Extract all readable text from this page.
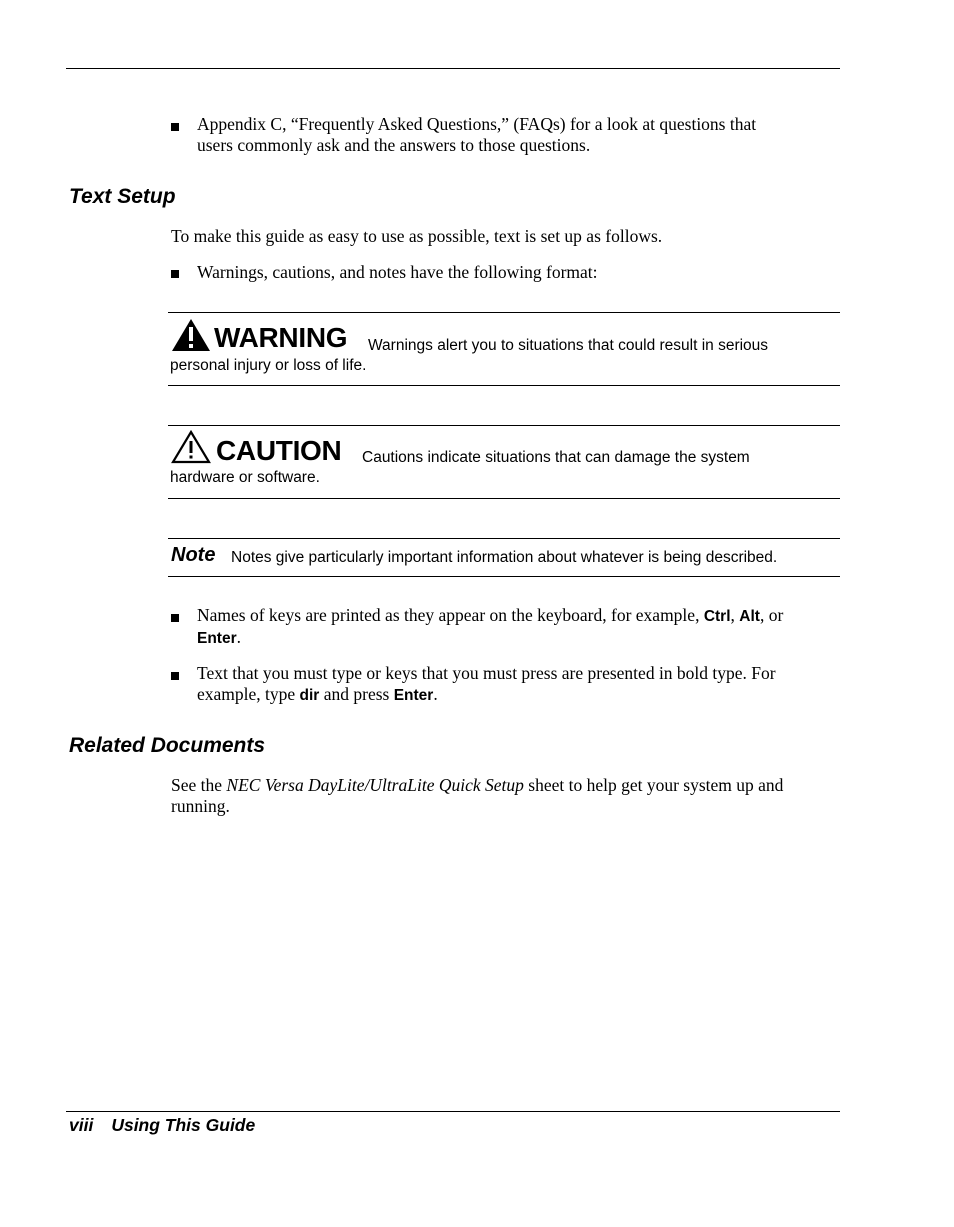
Appendix C, “Frequently Asked Questions,” (FAQs) for a look at questions that
users commonly ask and the answers to those questions.
Text Setup
To make this guide as easy to use as possible, text is set up as follows.
Warnings, cautions, and notes have the following format:
WARNING Warnings alert you to situations that could result in serious
personal injury or loss of life.
CAUTION Cautions indicate situations that can damage the system
hardware or software.
Note Notes give particularly important information about whatever is being described.
Names of keys are printed as they appear on the keyboard, for example, Ctrl, Alt, or
Enter.
Text that you must type or keys that you must press are presented in bold type. For
example, type dir and press Enter.
Related Documents
See the NEC Versa DayLite/UltraLite Quick Setup sheet to help get your system up and
running.
viii Using This Guide
